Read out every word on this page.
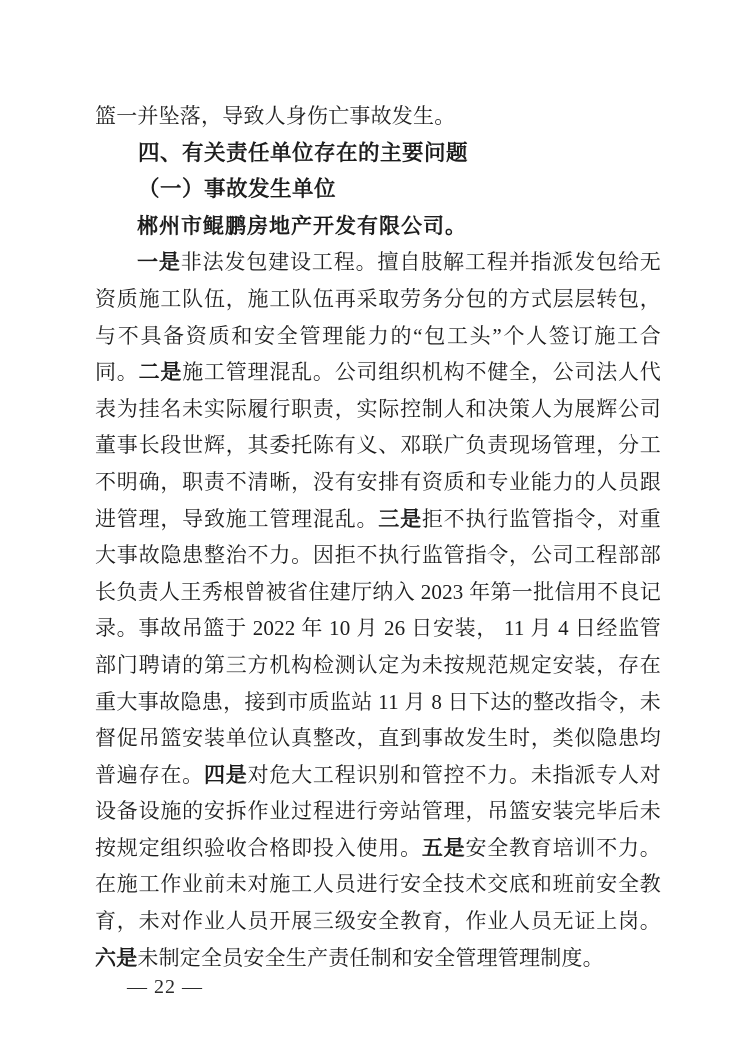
篮一并坠落，导致人身伤亡事故发生。

四、有关责任单位存在的主要问题

（一）事故发生单位

郴州市鲲鹏房地产开发有限公司。

一是非法发包建设工程。擅自肢解工程并指派发包给无资质施工队伍，施工队伍再采取劳务分包的方式层层转包，与不具备资质和安全管理能力的“包工头”个人签订施工合同。二是施工管理混乱。公司组织机构不健全，公司法人代表为挂名未实际履行职责，实际控制人和决策人为展辉公司董事长段世辉，其委托陈有义、邓联广负责现场管理，分工不明确，职责不清晰，没有安排有资质和专业能力的人员跟进管理，导致施工管理混乱。三是拒不执行监管指令，对重大事故隐患整治不力。因拒不执行监管指令，公司工程部部长负责人王秀根曾被省住建厅纳入 2023 年第一批信用不良记录。事故吊篮于 2022 年 10 月 26 日安装， 11 月 4 日经监管部门聘请的第三方机构检测认定为未按规范规定安装，存在重大事故隐患，接到市质监站 11 月 8 日下达的整改指令，未督促吊篮安装单位认真整改，直到事故发生时，类似隐患均普遍存在。四是对危大工程识别和管控不力。未指派专人对设备设施的安拆作业过程进行旁站管理，吊篮安装完毕后未按规定组织验收合格即投入使用。五是安全教育培训不力。在施工作业前未对施工人员进行安全技术交底和班前安全教育，未对作业人员开展三级安全教育，作业人员无证上岗。六是未制定全员安全生产责任制和安全管理管理制度。

— 22 —
